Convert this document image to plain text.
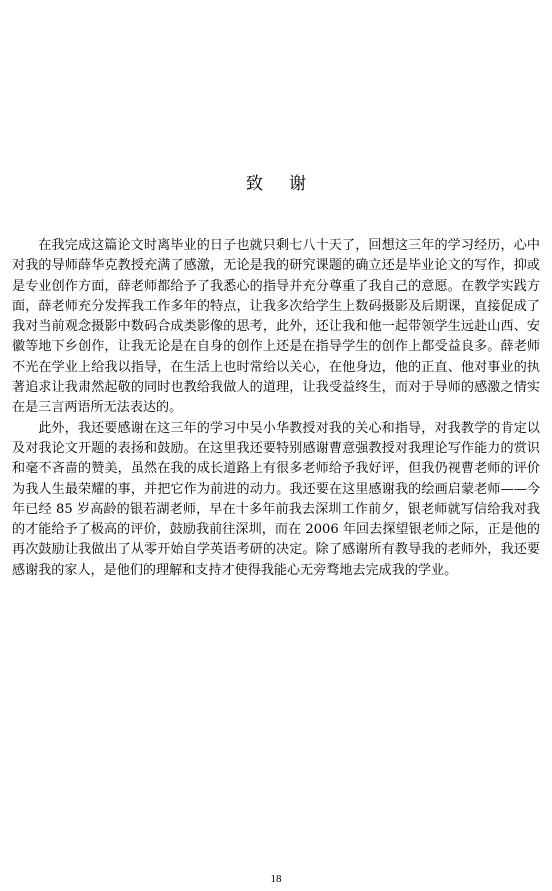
致谢

在我完成这篇论文时离毕业的日子也就只剩七八十天了，回想这三年的学习经历，心中对我的导师薛华克教授充满了感激，无论是我的研究课题的确立还是毕业论文的写作，抑或是专业创作方面，薛老师都给予了我悉心的指导并充分尊重了我自己的意愿。在教学实践方面，薛老师充分发挥我工作多年的特点，让我多次给学生上数码摄影及后期课，直接促成了我对当前观念摄影中数码合成类影像的思考，此外，还让我和他一起带领学生远赴山西、安徽等地下乡创作，让我无论是在自身的创作上还是在指导学生的创作上都受益良多。薛老师不光在学业上给我以指导，在生活上也时常给以关心，在他身边，他的正直、他对事业的执著追求让我肃然起敬的同时也教给我做人的道理，让我受益终生，而对于导师的感激之情实在是三言两语所无法表达的。

此外，我还要感谢在这三年的学习中吴小华教授对我的关心和指导，对我教学的肯定以及对我论文开题的表扬和鼓励。在这里我还要特别感谢曹意强教授对我理论写作能力的赏识和毫不吝啬的赞美，虽然在我的成长道路上有很多老师给予我好评，但我仍视曹老师的评价为我人生最荣耀的事，并把它作为前进的动力。我还要在这里感谢我的绘画启蒙老师——今年已经 85 岁高龄的银若湖老师，早在十多年前我去深圳工作前夕，银老师就写信给我对我的才能给予了极高的评价，鼓励我前往深圳，而在 2006 年回去探望银老师之际，正是他的再次鼓励让我做出了从零开始自学英语考研的决定。除了感谢所有教导我的老师外，我还要感谢我的家人，是他们的理解和支持才使得我能心无旁骛地去完成我的学业。

18
